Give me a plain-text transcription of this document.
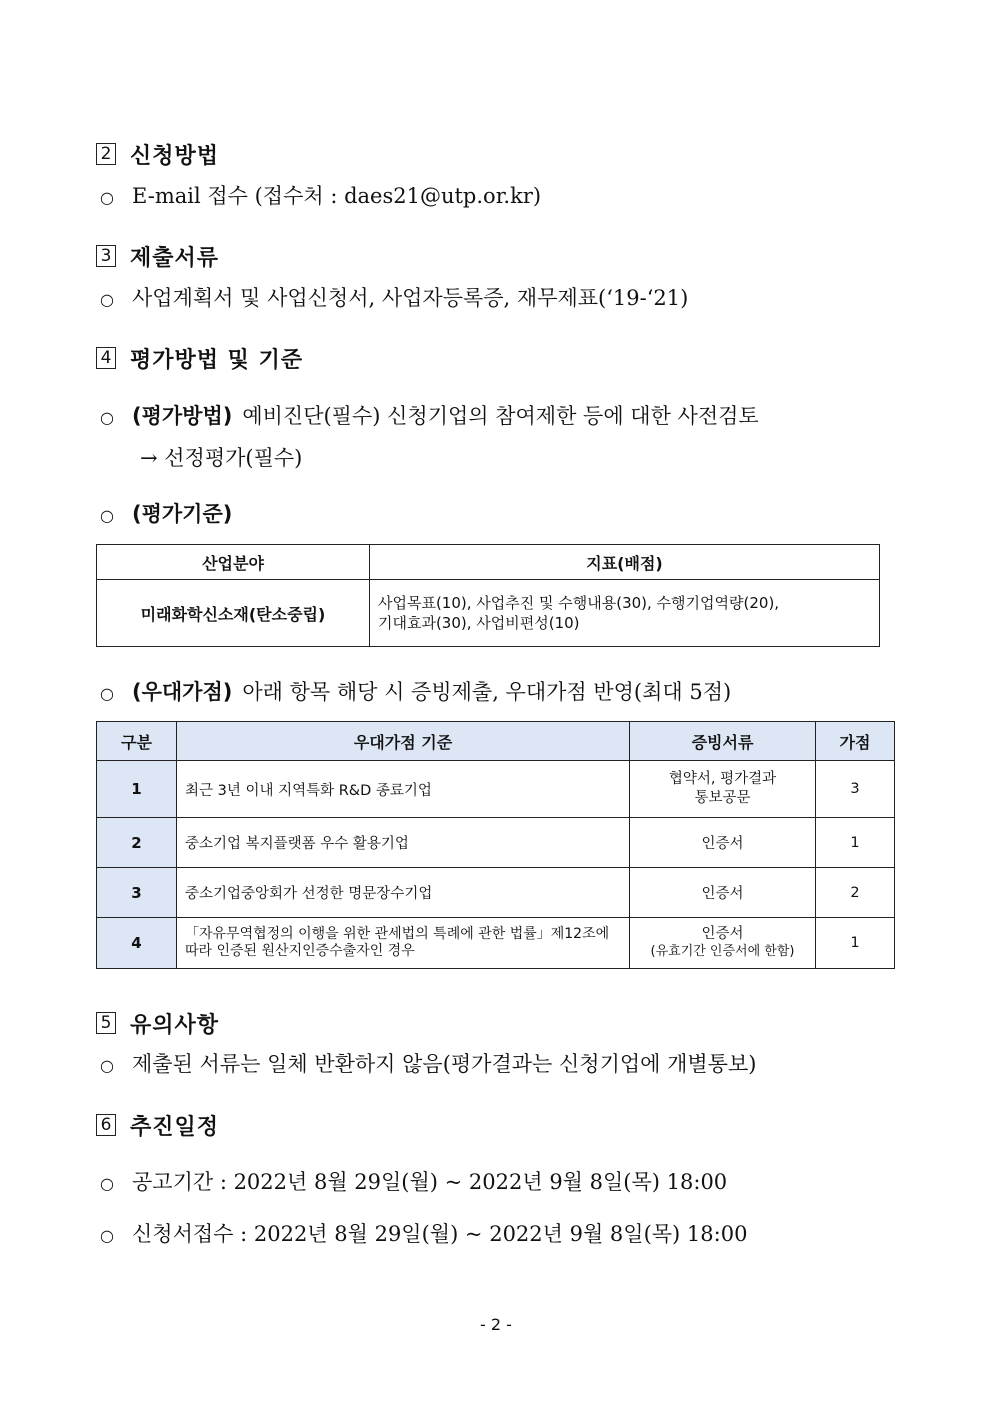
2 신청방법
○ E-mail 접수 (접수처 : daes21@utp.or.kr)
3 제출서류
○ 사업계획서 및 사업신청서, 사업자등록증, 재무제표(‘19-‘21)
4 평가방법 및 기준
○ (평가방법) 예비진단(필수) 신청기업의 참여제한 등에 대한 사전검토
→ 선정평가(필수)
○ (평가기준)
산업분야	지표(배점)
미래화학신소재(탄소중립)	사업목표(10), 사업추진 및 수행내용(30), 수행기업역량(20),
기대효과(30), 사업비편성(10)
○ (우대가점) 아래 항목 해당 시 증빙제출, 우대가점 반영(최대 5점)
구분	우대가점 기준	증빙서류	가점
1	최근 3년 이내 지역특화 R&D 종료기업	협약서, 평가결과
통보공문	3
2	중소기업 복지플랫폼 우수 활용기업	인증서	1
3	중소기업중앙회가 선정한 명문장수기업	인증서	2
4	「자유무역협정의 이행을 위한 관세법의 특례에 관한 법률」제12조에 따라 인증된 원산지인증수출자인 경우	인증서
(유효기간 인증서에 한함)	1
5 유의사항
○ 제출된 서류는 일체 반환하지 않음(평가결과는 신청기업에 개별통보)
6 추진일정
○ 공고기간 : 2022년 8월 29일(월) ~ 2022년 9월 8일(목) 18:00
○ 신청서접수 : 2022년 8월 29일(월) ~ 2022년 9월 8일(목) 18:00
- 2 -
